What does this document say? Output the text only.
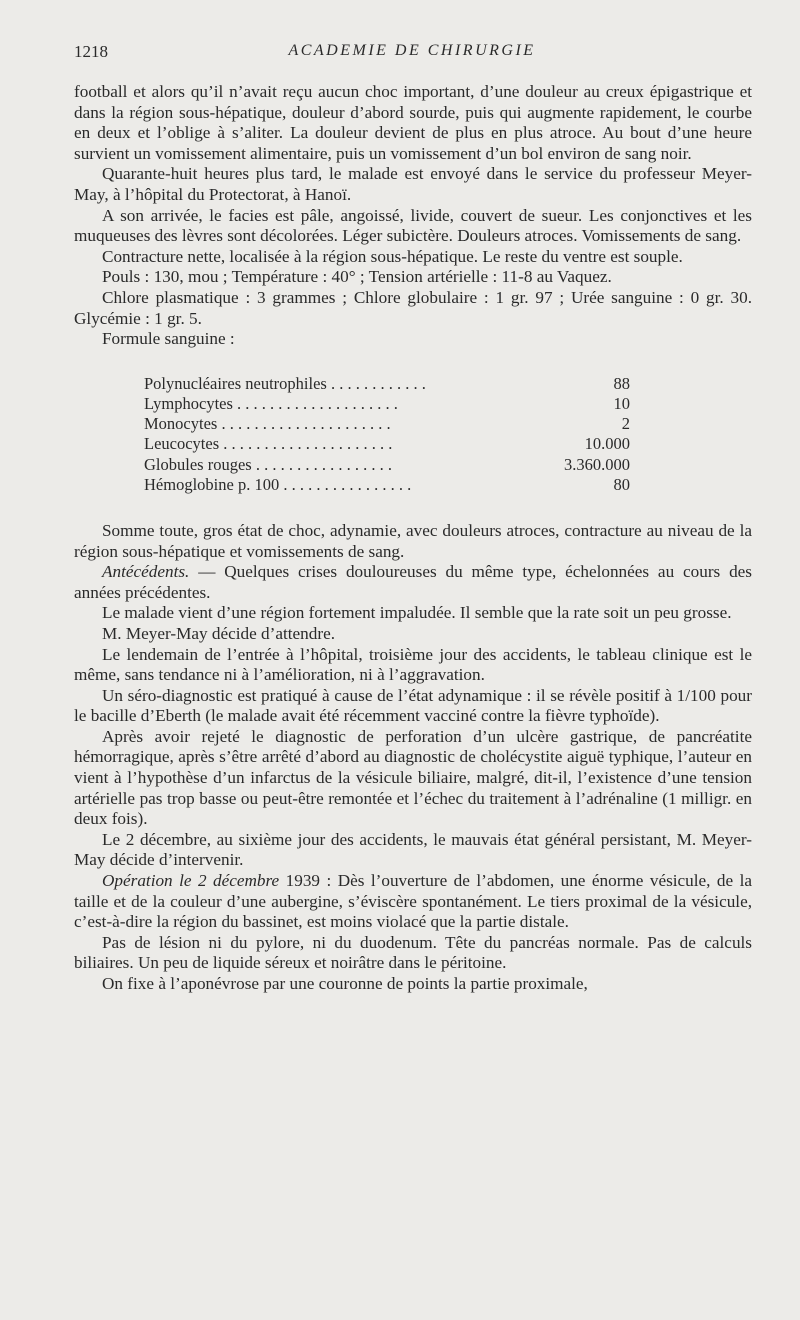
1218	ACADEMIE DE CHIRURGIE

football et alors qu’il n’avait reçu aucun choc important, d’une douleur au creux épigastrique et dans la région sous-hépatique, douleur d’abord sourde, puis qui augmente rapidement, le courbe en deux et l’oblige à s’aliter. La douleur devient de plus en plus atroce. Au bout d’une heure survient un vomissement alimentaire, puis un vomissement d’un bol environ de sang noir.

Quarante-huit heures plus tard, le malade est envoyé dans le service du professeur Meyer-May, à l’hôpital du Protectorat, à Hanoï.

A son arrivée, le facies est pâle, angoissé, livide, couvert de sueur. Les conjonctives et les muqueuses des lèvres sont décolorées. Léger subictère. Douleurs atroces. Vomissements de sang.

Contracture nette, localisée à la région sous-hépatique. Le reste du ventre est souple.

Pouls : 130, mou ; Température : 40° ; Tension artérielle : 11-8 au Vaquez.

Chlore plasmatique : 3 grammes ; Chlore globulaire : 1 gr. 97 ; Urée sanguine : 0 gr. 30. Glycémie : 1 gr. 5.

Formule sanguine :

Polynucléaires neutrophiles . . . . . . . . . . . .	88
Lymphocytes . . . . . . . . . . . . . . . . . . . .	10
Monocytes . . . . . . . . . . . . . . . . . . . . .	2
Leucocytes . . . . . . . . . . . . . . . . . . . . .	10.000
Globules rouges . . . . . . . . . . . . . . . . .	3.360.000
Hémoglobine p. 100 . . . . . . . . . . . . . . . .	80

Somme toute, gros état de choc, adynamie, avec douleurs atroces, contracture au niveau de la région sous-hépatique et vomissements de sang.

Antécédents. — Quelques crises douloureuses du même type, échelonnées au cours des années précédentes.

Le malade vient d’une région fortement impaludée. Il semble que la rate soit un peu grosse.

M. Meyer-May décide d’attendre.

Le lendemain de l’entrée à l’hôpital, troisième jour des accidents, le tableau clinique est le même, sans tendance ni à l’amélioration, ni à l’aggravation.

Un séro-diagnostic est pratiqué à cause de l’état adynamique : il se révèle positif à 1/100 pour le bacille d’Eberth (le malade avait été récemment vacciné contre la fièvre typhoïde).

Après avoir rejeté le diagnostic de perforation d’un ulcère gastrique, de pancréatite hémorragique, après s’être arrêté d’abord au diagnostic de cholécystite aiguë typhique, l’auteur en vient à l’hypothèse d’un infarctus de la vésicule biliaire, malgré, dit-il, l’existence d’une tension artérielle pas trop basse ou peut-être remontée et l’échec du traitement à l’adrénaline (1 milligr. en deux fois).

Le 2 décembre, au sixième jour des accidents, le mauvais état général persistant, M. Meyer-May décide d’intervenir.

Opération le 2 décembre 1939 : Dès l’ouverture de l’abdomen, une énorme vésicule, de la taille et de la couleur d’une aubergine, s’éviscère spontanément. Le tiers proximal de la vésicule, c’est-à-dire la région du bassinet, est moins violacé que la partie distale.

Pas de lésion ni du pylore, ni du duodenum. Tête du pancréas normale. Pas de calculs biliaires. Un peu de liquide séreux et noirâtre dans le péritoine.

On fixe à l’aponévrose par une couronne de points la partie proximale,
